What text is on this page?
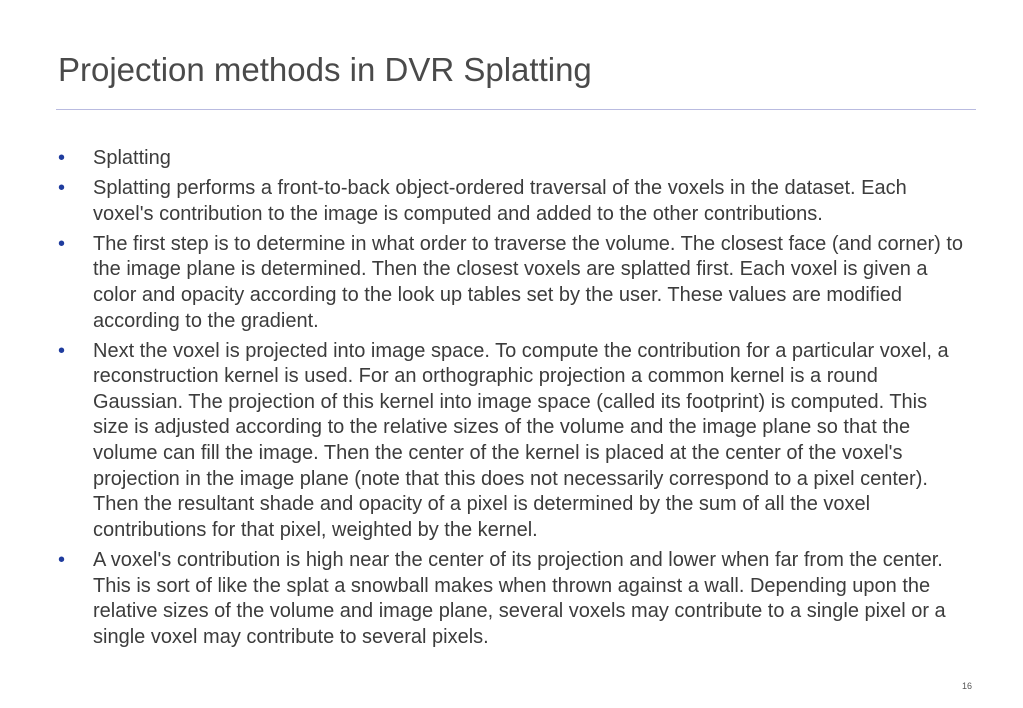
Projection methods in DVR Splatting
• Splatting
• Splatting performs a front-to-back object-ordered traversal of the voxels in the dataset. Each voxel's contribution to the image is computed and added to the other contributions.
• The first step is to determine in what order to traverse the volume. The closest face (and corner) to the image plane is determined. Then the closest voxels are splatted first. Each voxel is given a color and opacity according to the look up tables set by the user. These values are modified according to the gradient.
• Next the voxel is projected into image space. To compute the contribution for a particular voxel, a reconstruction kernel is used. For an orthographic projection a common kernel is a round Gaussian. The projection of this kernel into image space (called its footprint) is computed. This size is adjusted according to the relative sizes of the volume and the image plane so that the volume can fill the image. Then the center of the kernel is placed at the center of the voxel's projection in the image plane (note that this does not necessarily correspond to a pixel center). Then the resultant shade and opacity of a pixel is determined by the sum of all the voxel contributions for that pixel, weighted by the kernel.
• A voxel's contribution is high near the center of its projection and lower when far from the center. This is sort of like the splat a snowball makes when thrown against a wall. Depending upon the relative sizes of the volume and image plane, several voxels may contribute to a single pixel or a single voxel may contribute to several pixels.
16
